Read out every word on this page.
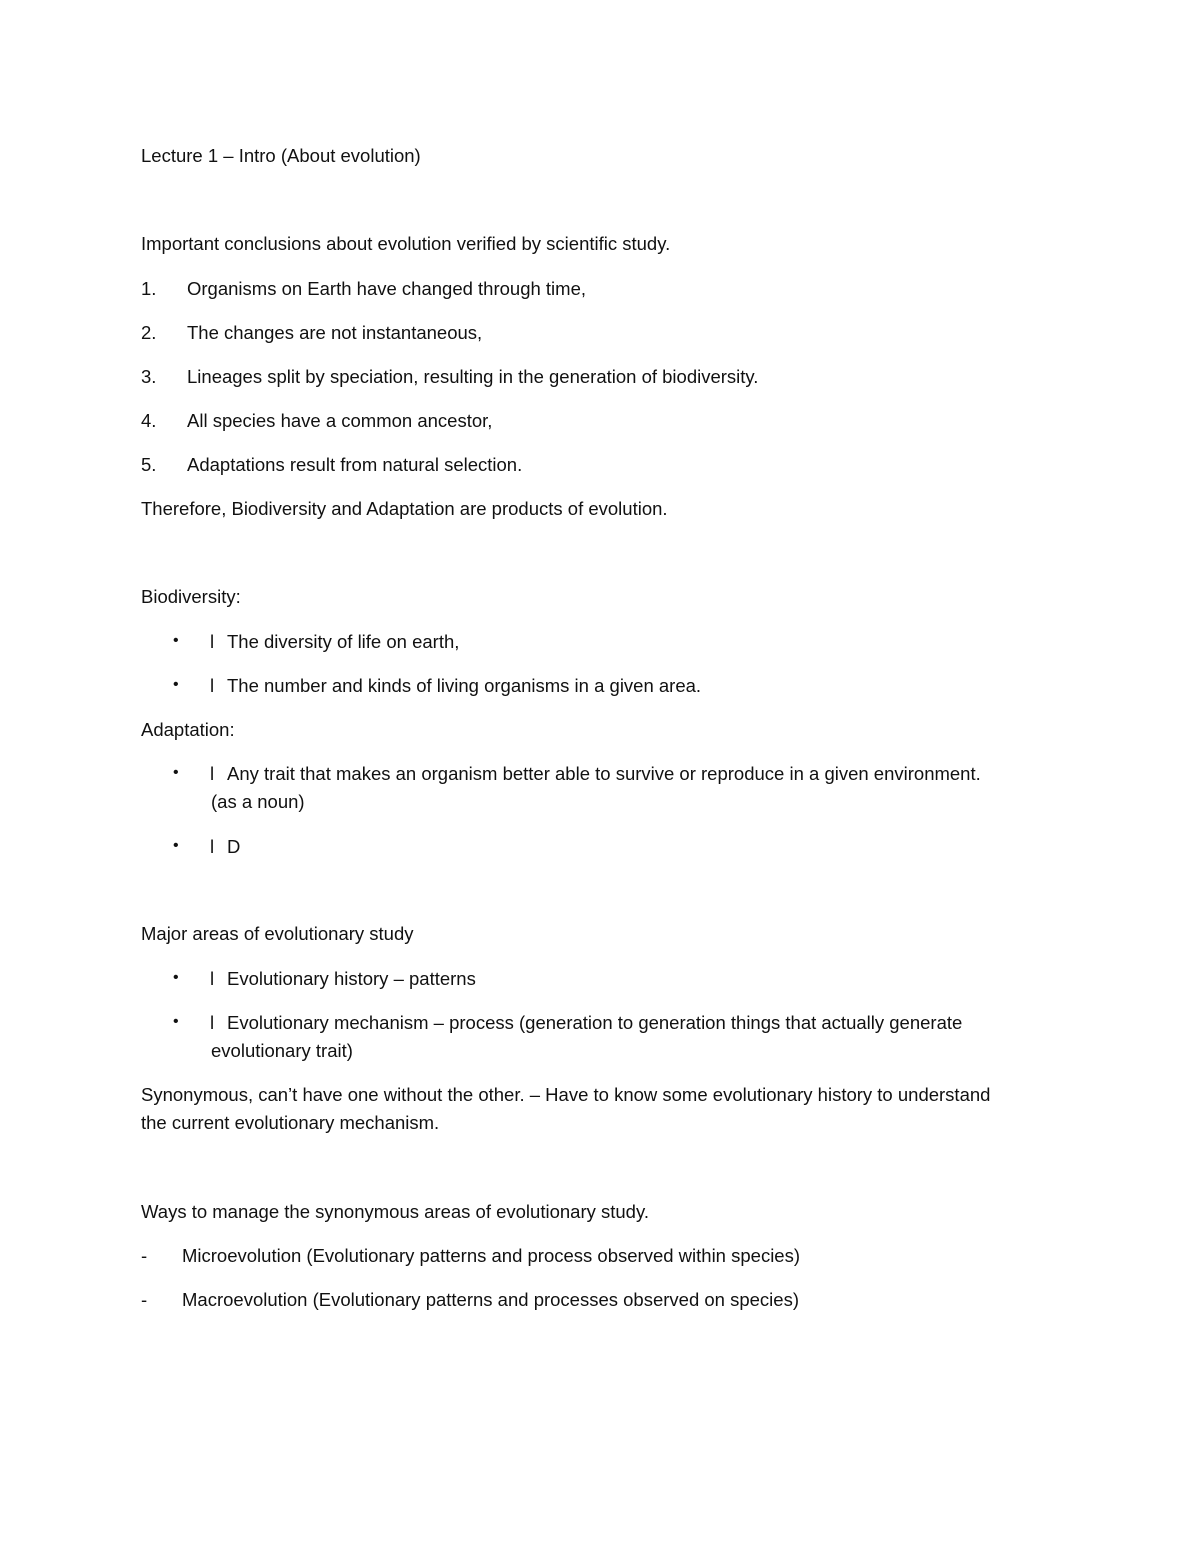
Lecture 1 – Intro (About evolution)
Important conclusions about evolution verified by scientific study.
1. Organisms on Earth have changed through time,
2. The changes are not instantaneous,
3. Lineages split by speciation, resulting in the generation of biodiversity.
4. All species have a common ancestor,
5. Adaptations result from natural selection.
Therefore, Biodiversity and Adaptation are products of evolution.
Biodiversity:
• l The diversity of life on earth,
• l The number and kinds of living organisms in a given area.
Adaptation:
• l Any trait that makes an organism better able to survive or reproduce in a given environment.
(as a noun)
• l D
Major areas of evolutionary study
• l Evolutionary history – patterns
• l Evolutionary mechanism – process (generation to generation things that actually generate
evolutionary trait)
Synonymous, can’t have one without the other. – Have to know some evolutionary history to understand
the current evolutionary mechanism.
Ways to manage the synonymous areas of evolutionary study.
- Microevolution (Evolutionary patterns and process observed within species)
- Macroevolution (Evolutionary patterns and processes observed on species)
